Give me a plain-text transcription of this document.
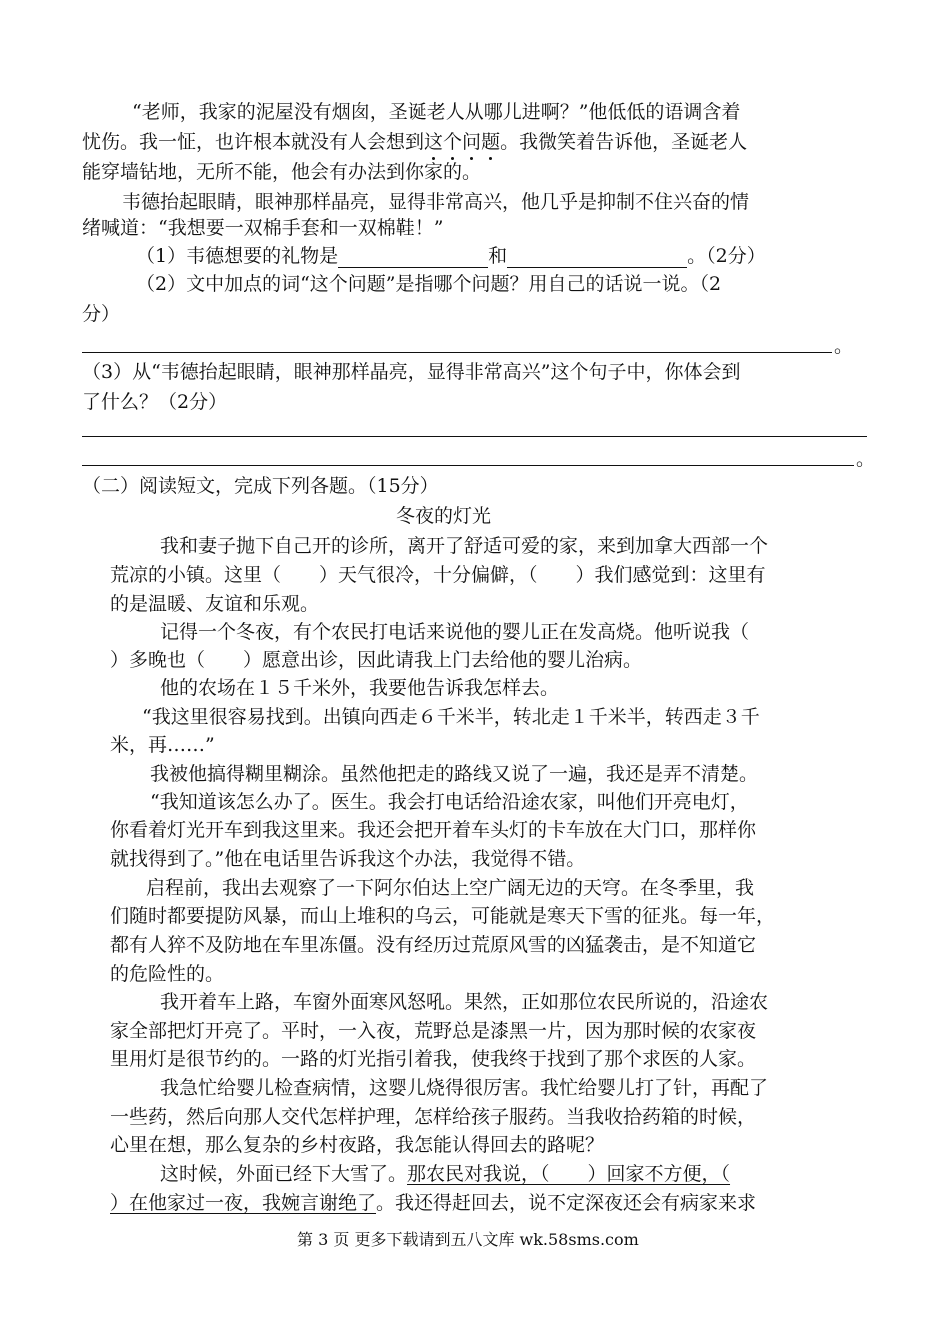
“老师，我家的泥屋没有烟囱，圣诞老人从哪儿进啊？”他低低的语调含着
忧伤。我一怔，也许根本就没有人会想到这个问题。我微笑着告诉他，圣诞老人
能穿墙钻地，无所不能，他会有办法到你家的。
韦德抬起眼睛，眼神那样晶亮，显得非常高兴，他几乎是抑制不住兴奋的情
绪喊道：“我想要一双棉手套和一双棉鞋！”
（1）韦德想要的礼物是	和	。（2分）
（2）文中加点的词“这个问题”是指哪个问题？用自己的话说一说。（2
分）
。
（3）从“韦德抬起眼睛，眼神那样晶亮，显得非常高兴”这个句子中，你体会到
了什么？（2分）
。
（二）阅读短文，完成下列各题。（15分）
冬夜的灯光
我和妻子抛下自己开的诊所，离开了舒适可爱的家，来到加拿大西部一个
荒凉的小镇。这里（　　）天气很冷，十分偏僻，（　　）我们感觉到：这里有
的是温暖、友谊和乐观。
记得一个冬夜，有个农民打电话来说他的婴儿正在发高烧。他听说我（
）多晚也（　　）愿意出诊，因此请我上门去给他的婴儿治病。
他的农场在１５千米外，我要他告诉我怎样去。
“我这里很容易找到。出镇向西走６千米半，转北走１千米半，转西走３千
米，再……”
我被他搞得糊里糊涂。虽然他把走的路线又说了一遍，我还是弄不清楚。
“我知道该怎么办了。医生。我会打电话给沿途农家，叫他们开亮电灯，
你看着灯光开车到我这里来。我还会把开着车头灯的卡车放在大门口，那样你
就找得到了。”他在电话里告诉我这个办法，我觉得不错。
启程前，我出去观察了一下阿尔伯达上空广阔无边的天穹。在冬季里，我
们随时都要提防风暴，而山上堆积的乌云，可能就是寒天下雪的征兆。每一年，
都有人猝不及防地在车里冻僵。没有经历过荒原风雪的凶猛袭击，是不知道它
的危险性的。
我开着车上路，车窗外面寒风怒吼。果然，正如那位农民所说的，沿途农
家全部把灯开亮了。平时，一入夜，荒野总是漆黑一片，因为那时候的农家夜
里用灯是很节约的。一路的灯光指引着我，使我终于找到了那个求医的人家。
我急忙给婴儿检查病情，这婴儿烧得很厉害。我忙给婴儿打了针，再配了
一些药，然后向那人交代怎样护理，怎样给孩子服药。当我收拾药箱的时候，
心里在想，那么复杂的乡村夜路，我怎能认得回去的路呢？
这时候，外面已经下大雪了。那农民对我说，（　　）回家不方便，（
）在他家过一夜，我婉言谢绝了。我还得赶回去，说不定深夜还会有病家来求
第 3 页 更多下载请到五八文库 wk.58sms.com
